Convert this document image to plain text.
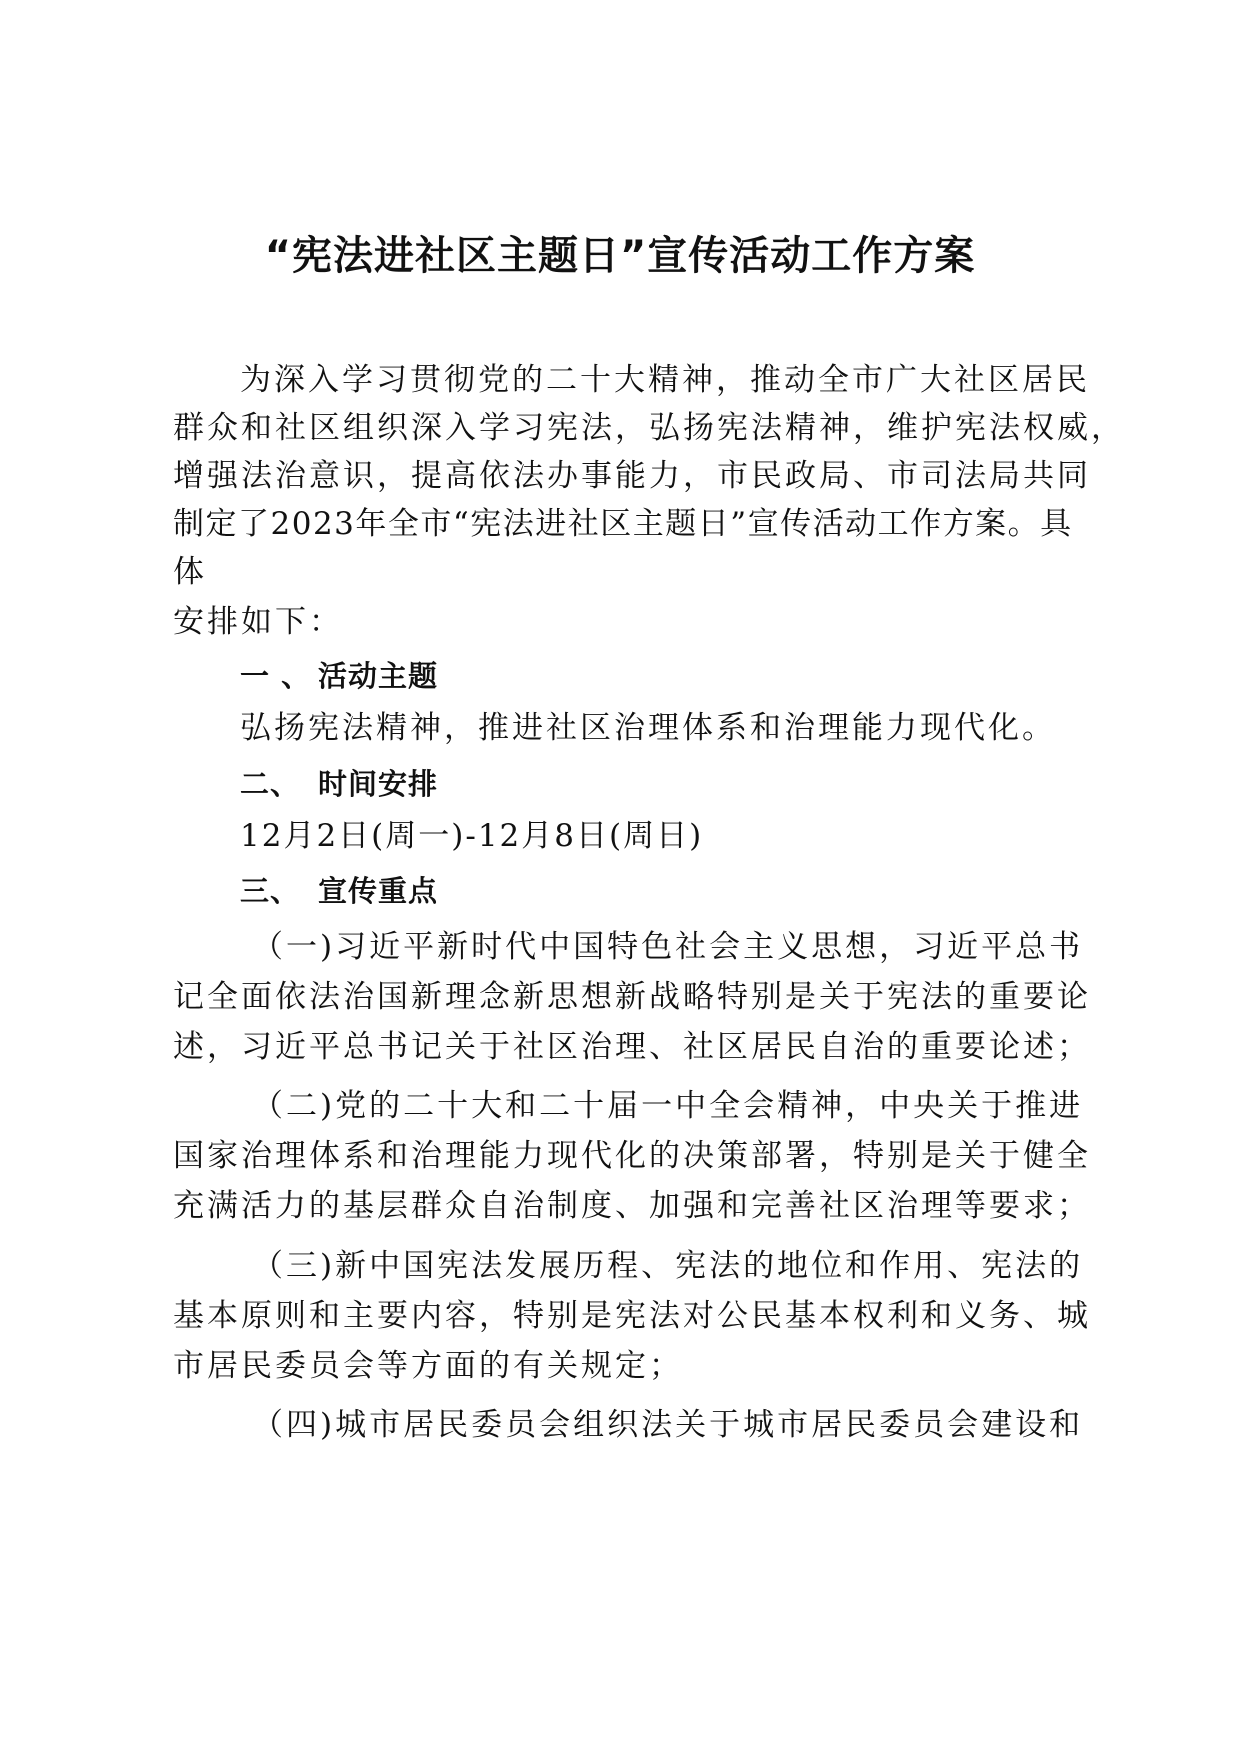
“宪法进社区主题日”宣传活动工作方案

为深入学习贯彻党的二十大精神，推动全市广大社区居民

群众和社区组织深入学习宪法，弘扬宪法精神，维护宪法权威，

增强法治意识，提高依法办事能力，市民政局、市司法局共同

制定了2023年全市“宪法进社区主题日”宣传活动工作方案。具

体

安排如下：

一 、 活动主题

弘扬宪法精神，推进社区治理体系和治理能力现代化。

二、 时间安排

12月2日(周一)-12月8日(周日)

三、 宣传重点

（一)习近平新时代中国特色社会主义思想，习近平总书

记全面依法治国新理念新思想新战略特别是关于宪法的重要论

述，习近平总书记关于社区治理、社区居民自治的重要论述；

（二)党的二十大和二十届一中全会精神，中央关于推进

国家治理体系和治理能力现代化的决策部署，特别是关于健全

充满活力的基层群众自治制度、加强和完善社区治理等要求；

（三)新中国宪法发展历程、宪法的地位和作用、宪法的

基本原则和主要内容，特别是宪法对公民基本权利和义务、城

市居民委员会等方面的有关规定；

（四)城市居民委员会组织法关于城市居民委员会建设和
